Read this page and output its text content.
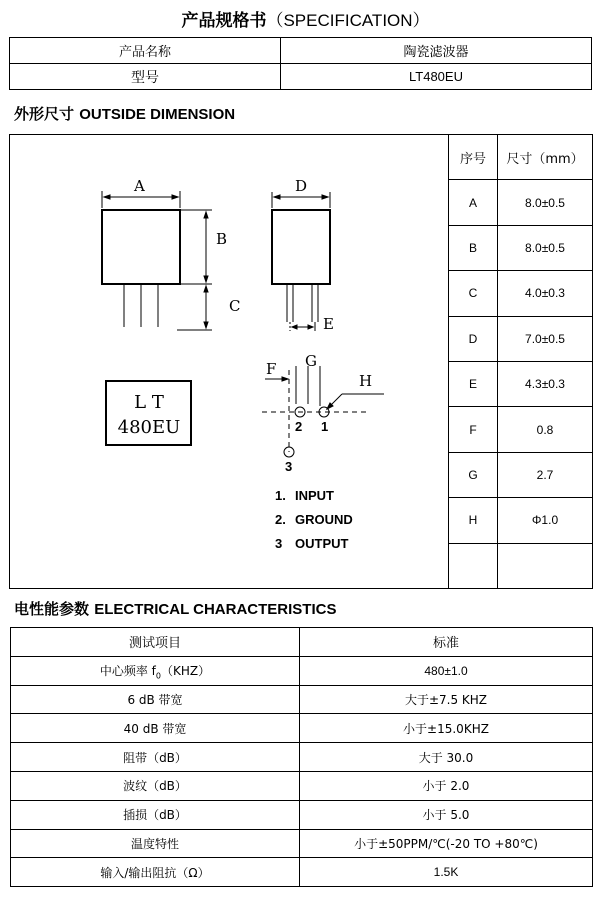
产品规格书（SPECIFICATION）
产品名称	陶瓷滤波器
型号	LT480EU
外形尺寸 OUTSIDE DIMENSION
A
B
C
D
E
F G
H
2 1
3
L T
480EU
1. INPUT
2. GROUND
3 OUTPUT
序号	尺寸（mm）
A	8.0±0.5
B	8.0±0.5
C	4.0±0.3
D	7.0±0.5
E	4.3±0.3
F	0.8
G	2.7
H	Φ1.0

电性能参数 ELECTRICAL CHARACTERISTICS
测试项目	标准
中心频率 $f_0(KHZ)$	480±1.0
6 dB 带宽	大于±7.5 KHZ
40 dB 带宽	小于±15.0KHZ
阻带（dB）	大于 30.0
波纹（dB）	小于 2.0
插损（dB）	小于 5.0
温度特性	小于±50PPM/℃(-20 TO +80℃)
输入/输出阻抗（Ω）	1.5K
